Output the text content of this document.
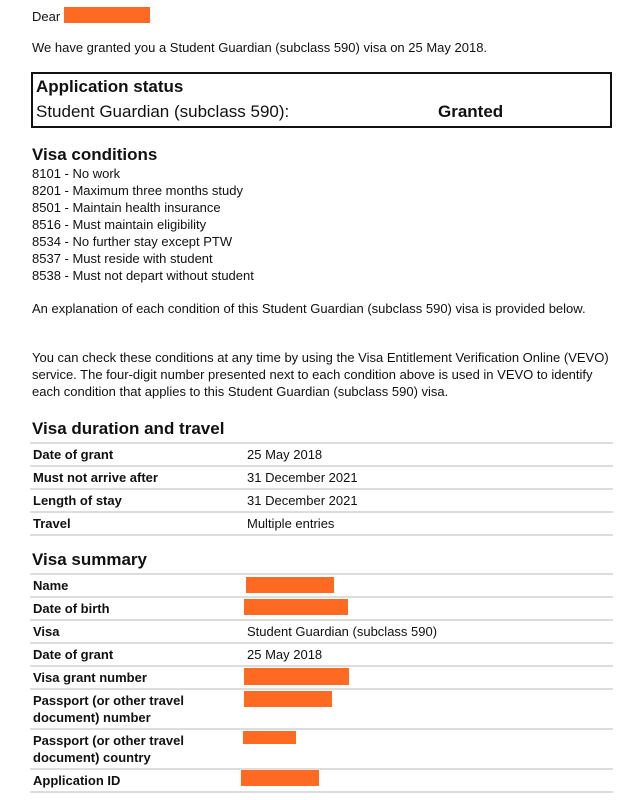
Dear

We have granted you a Student Guardian (subclass 590) visa on 25 May 2018.

Application status
Student Guardian (subclass 590):	Granted
Visa conditions
8101 - No work
8201 - Maximum three months study
8501 - Maintain health insurance
8516 - Must maintain eligibility
8534 - No further stay except PTW
8537 - Must reside with student
8538 - Must not depart without student

An explanation of each condition of this Student Guardian (subclass 590) visa is provided below.

You can check these conditions at any time by using the Visa Entitlement Verification Online (VEVO) service. The four-digit number presented next to each condition above is used in VEVO to identify each condition that applies to this Student Guardian (subclass 590) visa.

Visa duration and travel
Date of grant	25 May 2018
Must not arrive after	31 December 2021
Length of stay	31 December 2021
Travel	Multiple entries
Visa summary
Name	

Date of birth	

Visa	Student Guardian (subclass 590)
Date of grant	25 May 2018
Visa grant number	

Passport (or other travel document) number	

Passport (or other travel document) country	

Application ID	
